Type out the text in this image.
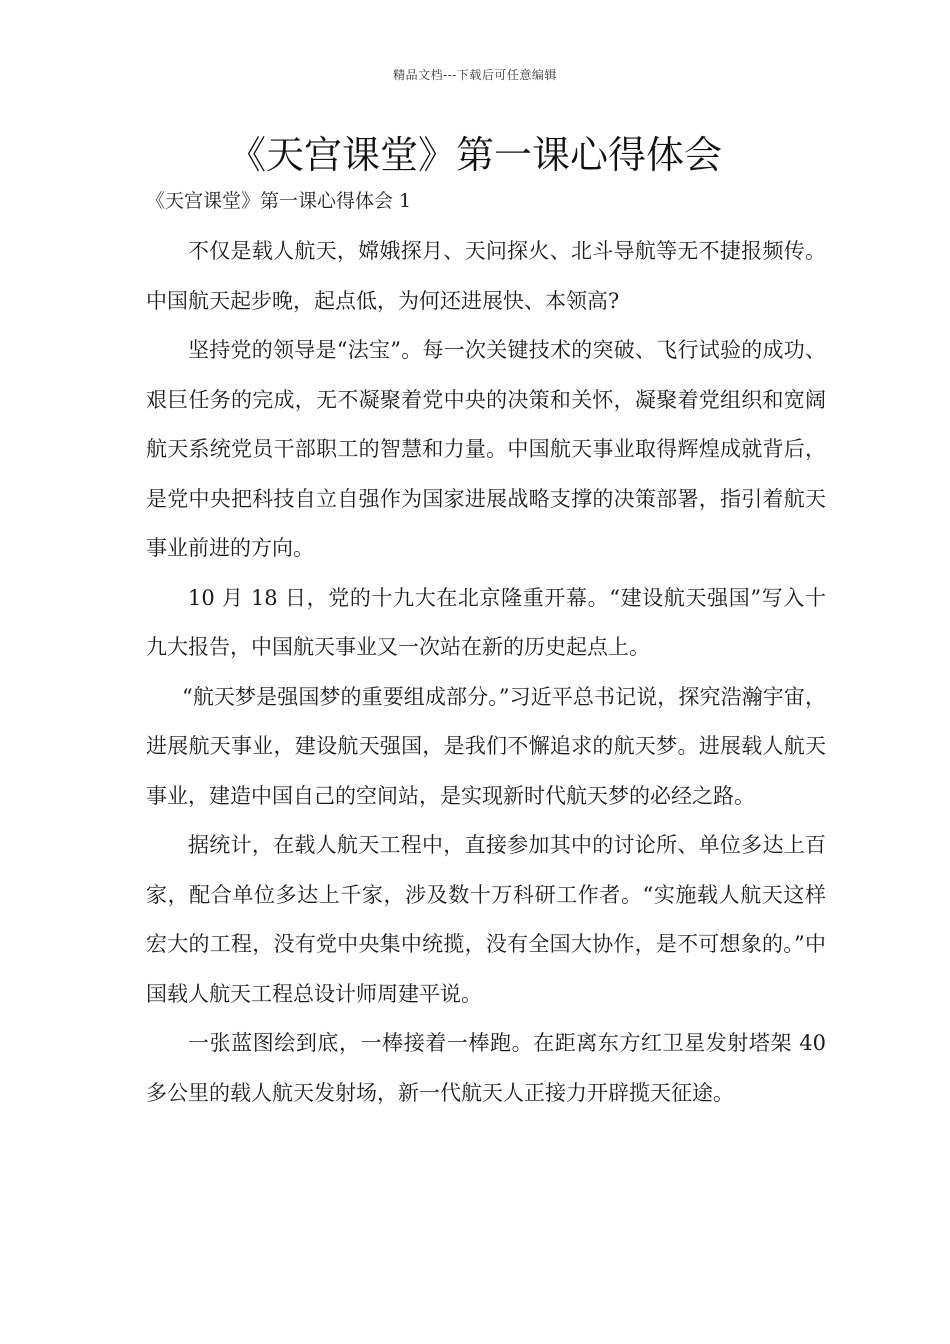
精品文档---下载后可任意编辑
《天宫课堂》第一课心得体会
《天宫课堂》第一课心得体会 1

不仅是载人航天，嫦娥探月、天问探火、北斗导航等无不捷报频传。中国航天起步晚，起点低，为何还进展快、本领高?

坚持党的领导是“法宝”。每一次关键技术的突破、飞行试验的成功、艰巨任务的完成，无不凝聚着党中央的决策和关怀，凝聚着党组织和宽阔航天系统党员干部职工的智慧和力量。中国航天事业取得辉煌成就背后，是党中央把科技自立自强作为国家进展战略支撑的决策部署，指引着航天事业前进的方向。

10 月 18 日，党的十九大在北京隆重开幕。“建设航天强国”写入十九大报告，中国航天事业又一次站在新的历史起点上。

“航天梦是强国梦的重要组成部分。”习近平总书记说，探究浩瀚宇宙，进展航天事业，建设航天强国，是我们不懈追求的航天梦。进展载人航天事业，建造中国自己的空间站，是实现新时代航天梦的必经之路。

据统计，在载人航天工程中，直接参加其中的讨论所、单位多达上百家，配合单位多达上千家，涉及数十万科研工作者。“实施载人航天这样宏大的工程，没有党中央集中统揽，没有全国大协作，是不可想象的。”中国载人航天工程总设计师周建平说。

一张蓝图绘到底，一棒接着一棒跑。在距离东方红卫星发射塔架 40 多公里的载人航天发射场，新一代航天人正接力开辟揽天征途。
